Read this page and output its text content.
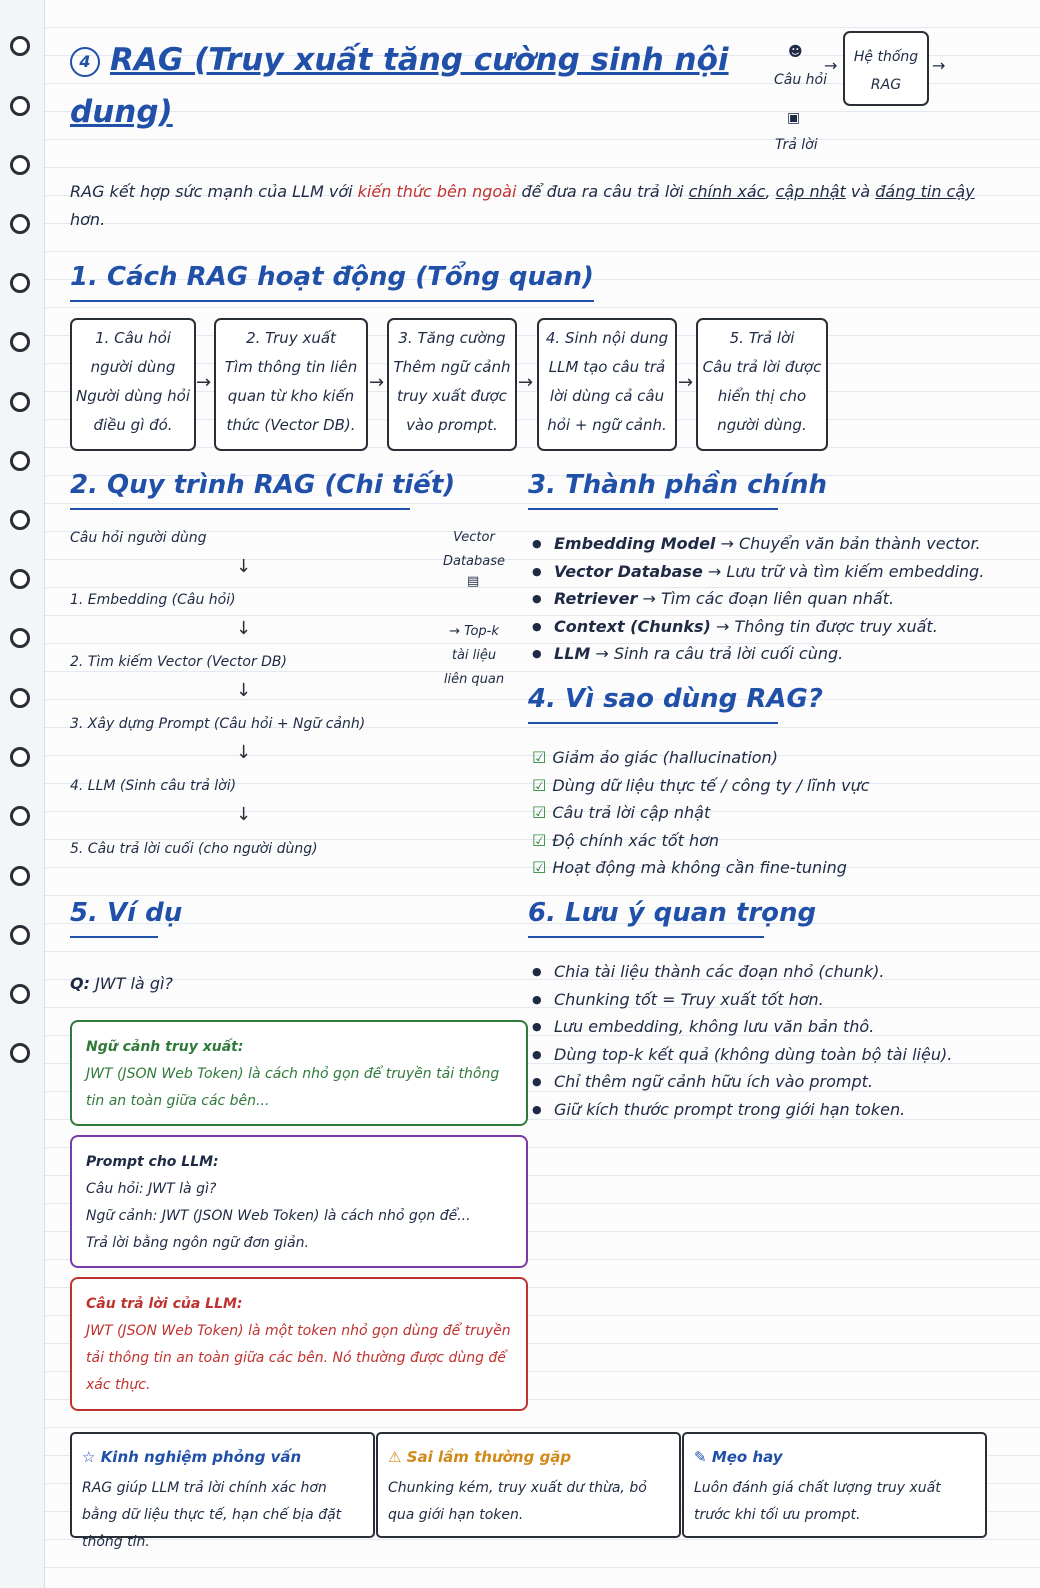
4 RAG (Truy xuất tăng cường sinh nội dung)
☻
Câu hỏi
→	Hệ thống RAG
→
▣
Trả lời
RAG kết hợp sức mạnh của LLM với kiến thức bên ngoài để đưa ra câu trả lời chính xác, cập nhật và đáng tin cậy hơn.
1. Cách RAG hoạt động (Tổng quan)
1. Câu hỏi người dùng
Người dùng hỏi điều gì đó.
→
2. Truy xuất
Tìm thông tin liên quan từ kho kiến thức (Vector DB).
→
3. Tăng cường
Thêm ngữ cảnh truy xuất được vào prompt.
→
4. Sinh nội dung
LLM tạo câu trả lời dùng cả câu hỏi + ngữ cảnh.
→
5. Trả lời
Câu trả lời được hiển thị cho người dùng.
2. Quy trình RAG (Chi tiết)
Câu hỏi người dùng
↓
1. Embedding (Câu hỏi)
↓
2. Tìm kiếm Vector (Vector DB)
↓
3. Xây dựng Prompt (Câu hỏi + Ngữ cảnh)
↓
4. LLM (Sinh câu trả lời)
↓
5. Câu trả lời cuối (cho người dùng)
Vector Database
▤
→ Top-k tài liệu liên quan
3. Thành phần chính
● Embedding Model → Chuyển văn bản thành vector.
● Vector Database → Lưu trữ và tìm kiếm embedding.
● Retriever → Tìm các đoạn liên quan nhất.
● Context (Chunks) → Thông tin được truy xuất.
● LLM → Sinh ra câu trả lời cuối cùng.
4. Vì sao dùng RAG?
☑ Giảm ảo giác (hallucination)
☑ Dùng dữ liệu thực tế / công ty / lĩnh vực
☑ Câu trả lời cập nhật
☑ Độ chính xác tốt hơn
☑ Hoạt động mà không cần fine-tuning
5. Ví dụ
Q: JWT là gì?
Ngữ cảnh truy xuất:
JWT (JSON Web Token) là cách nhỏ gọn để truyền tải thông tin an toàn giữa các bên...
Prompt cho LLM:
Câu hỏi: JWT là gì?
Ngữ cảnh: JWT (JSON Web Token) là cách nhỏ gọn để...
Trả lời bằng ngôn ngữ đơn giản.
Câu trả lời của LLM:
JWT (JSON Web Token) là một token nhỏ gọn dùng để truyền tải thông tin an toàn giữa các bên. Nó thường được dùng để xác thực.
6. Lưu ý quan trọng
● Chia tài liệu thành các đoạn nhỏ (chunk).
● Chunking tốt = Truy xuất tốt hơn.
● Lưu embedding, không lưu văn bản thô.
● Dùng top-k kết quả (không dùng toàn bộ tài liệu).
● Chỉ thêm ngữ cảnh hữu ích vào prompt.
● Giữ kích thước prompt trong giới hạn token.
☆ Kinh nghiệm phỏng vấn
RAG giúp LLM trả lời chính xác hơn bằng dữ liệu thực tế, hạn chế bịa đặt thông tin.
⚠ Sai lầm thường gặp
Chunking kém, truy xuất dư thừa, bỏ qua giới hạn token.
✎ Mẹo hay
Luôn đánh giá chất lượng truy xuất trước khi tối ưu prompt.
